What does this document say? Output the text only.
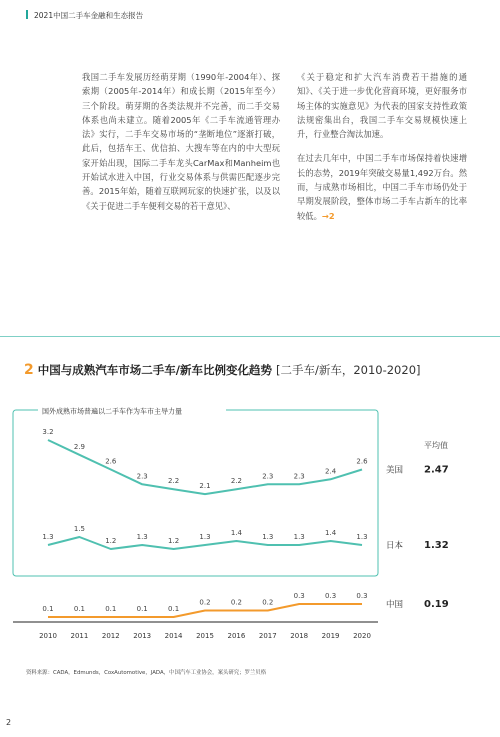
2021中国二手车金融和生态报告

我国二手车发展历经萌芽期（1990年-2004年）、探索期（2005年-2014年）和成长期（2015年至今）三个阶段。萌芽期的各类法规并不完善，而二手交易体系也尚未建立。随着2005年《二手车流通管理办法》实行，二手车交易市场的“垄断地位”逐渐打破，此后，包括车王、优信拍、大搜车等在内的中大型玩家开始出现，国际二手车龙头CarMax和Manheim也开始试水进入中国，行业交易体系与供需匹配逐步完善。2015年始，随着互联网玩家的快速扩张，以及以《关于促进二手车便利交易的若干意见》、

《关于稳定和扩大汽车消费若干措施的通知》、《关于进一步优化营商环境，更好服务市场主体的实施意见》为代表的国家支持性政策法规密集出台，我国二手车交易规模快速上升，行业整合淘汰加速。

在过去几年中，中国二手车市场保持着快速增长的态势，2019年突破交易量1,492万台。然而，与成熟市场相比，中国二手车市场仍处于早期发展阶段，整体市场二手车占新车的比率较低。→2

2 中国与成熟汽车市场二手车/新车比例变化趋势 [二手车/新车，2010-2020]
国外成熟市场普遍以二手车作为车市主导力量
3.2
2.9
2.6
2.3
2.2
2.1
2.2
2.3	2.3
2.4
2.6
美国 2.47
1.3
1.5
1.2	1.3	1.2	1.3	1.4	1.3	1.3	1.4	1.3
日本 1.32
0.1	0.1	0.1	0.1	0.1
0.2	0.2	0.2
0.3	0.3	0.3
中国 0.19
平均值
2010 2011 2012 2013 2014 2015 2016 2017 2018 2019 2020
资料来源：CADA，Edmunds，CoxAutomotive，JADA，中国汽车工业协会，案头研究；罗兰贝格
2
